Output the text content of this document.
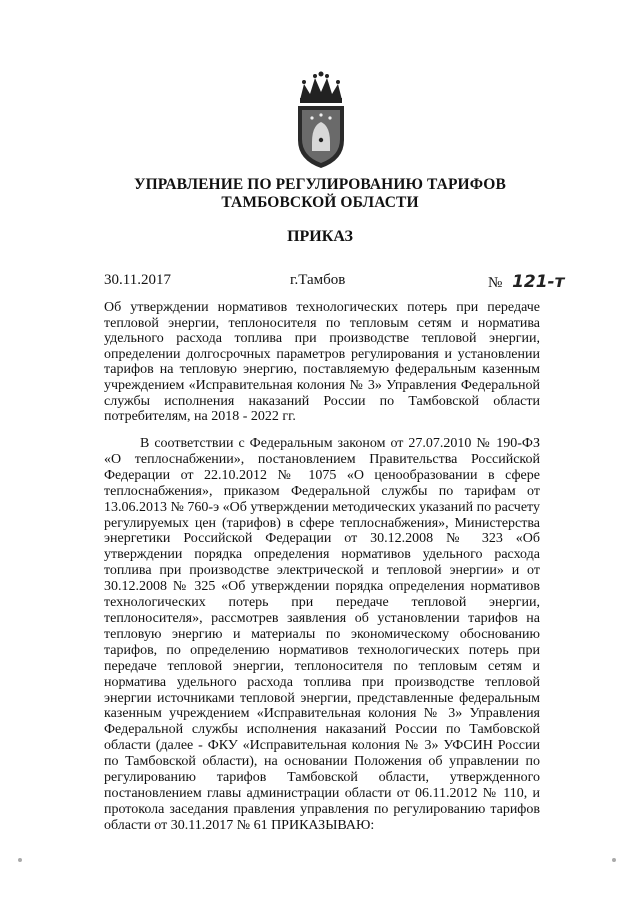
УПРАВЛЕНИЕ ПО РЕГУЛИРОВАНИЮ ТАРИФОВ
ТАМБОВСКОЙ ОБЛАСТИ
ПРИКАЗ
30.11.2017	г.Тамбов	№ 121-т
Об утверждении нормативов технологических потерь при передаче тепловой энергии, теплоносителя по тепловым сетям и норматива удельного расхода топлива при производстве тепловой энергии, определении долгосрочных параметров регулирования и установлении тарифов на тепловую энергию, поставляемую федеральным казенным учреждением «Исправительная колония № 3» Управления Федеральной службы исполнения наказаний России по Тамбовской области потребителям, на 2018 - 2022 гг.
В соответствии с Федеральным законом от 27.07.2010 № 190-ФЗ «О теплоснабжении», постановлением Правительства Российской Федерации от 22.10.2012 № 1075 «О ценообразовании в сфере теплоснабжения», приказом Федеральной службы по тарифам от 13.06.2013 № 760-э «Об утверждении методических указаний по расчету регулируемых цен (тарифов) в сфере теплоснабжения», Министерства энергетики Российской Федерации от 30.12.2008 № 323 «Об утверждении порядка определения нормативов удельного расхода топлива при производстве электрической и тепловой энергии» и от 30.12.2008 № 325 «Об утверждении порядка определения нормативов технологических потерь при передаче тепловой энергии, теплоносителя», рассмотрев заявления об установлении тарифов на тепловую энергию и материалы по экономическому обоснованию тарифов, по определению нормативов технологических потерь при передаче тепловой энергии, теплоносителя по тепловым сетям и норматива удельного расхода топлива при производстве тепловой энергии источниками тепловой энергии, представленные федеральным казенным учреждением «Исправительная колония № 3» Управления Федеральной службы исполнения наказаний России по Тамбовской области (далее - ФКУ «Исправительная колония № 3» УФСИН России по Тамбовской области), на основании Положения об управлении по регулированию тарифов Тамбовской области, утвержденного постановлением главы администрации области от 06.11.2012 № 110, и протокола заседания правления управления по регулированию тарифов области от 30.11.2017 № 61 ПРИКАЗЫВАЮ:
